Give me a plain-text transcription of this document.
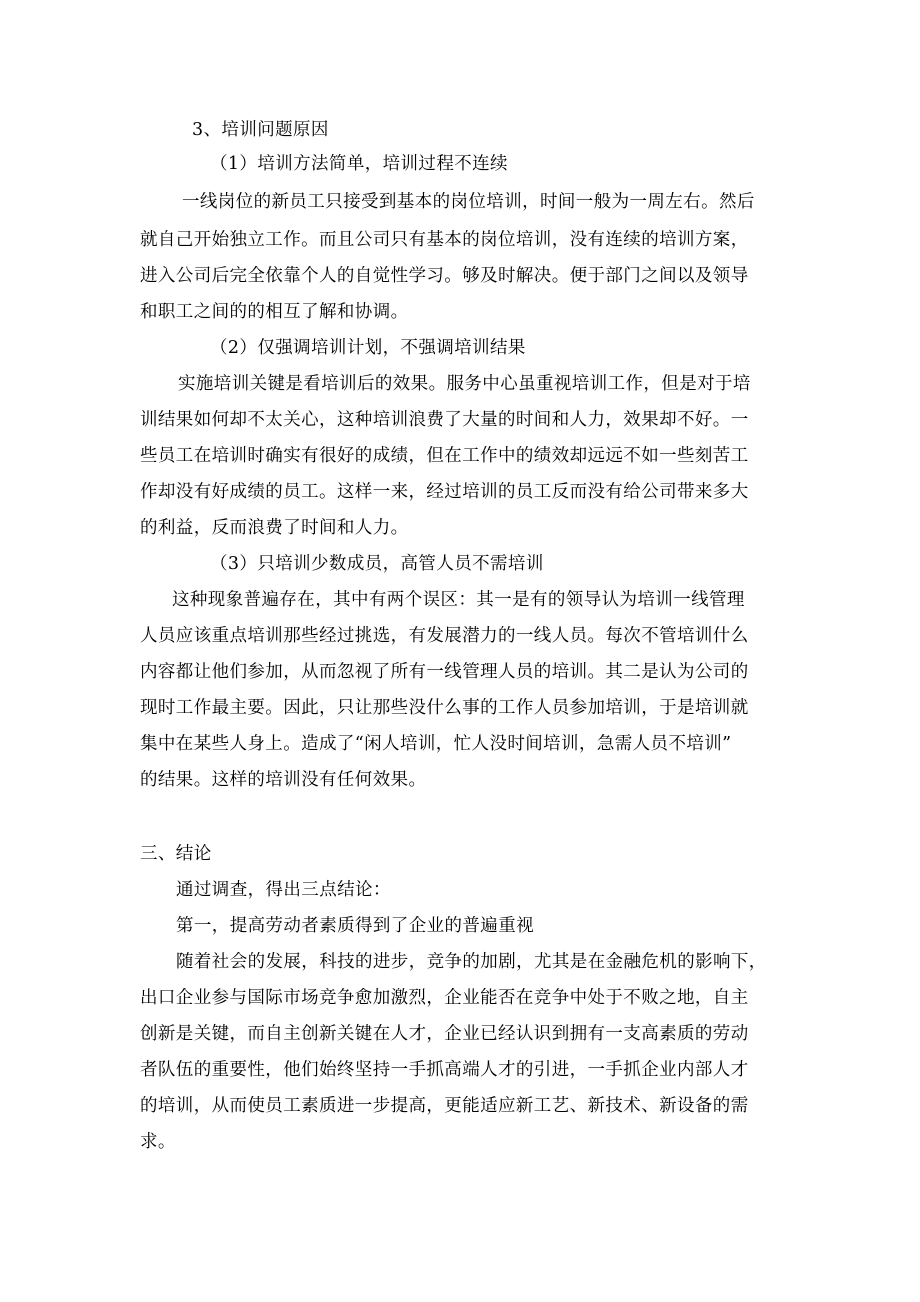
3、培训问题原因
（1）培训方法简单，培训过程不连续
一线岗位的新员工只接受到基本的岗位培训，时间一般为一周左右。然后
就自己开始独立工作。而且公司只有基本的岗位培训，没有连续的培训方案，
进入公司后完全依靠个人的自觉性学习。够及时解决。便于部门之间以及领导
和职工之间的的相互了解和协调。
（2）仅强调培训计划，不强调培训结果
实施培训关键是看培训后的效果。服务中心虽重视培训工作，但是对于培
训结果如何却不太关心，这种培训浪费了大量的时间和人力，效果却不好。一
些员工在培训时确实有很好的成绩，但在工作中的绩效却远远不如一些刻苦工
作却没有好成绩的员工。这样一来，经过培训的员工反而没有给公司带来多大
的利益，反而浪费了时间和人力。
（3）只培训少数成员，高管人员不需培训
这种现象普遍存在，其中有两个误区：其一是有的领导认为培训一线管理
人员应该重点培训那些经过挑选，有发展潜力的一线人员。每次不管培训什么
内容都让他们参加，从而忽视了所有一线管理人员的培训。其二是认为公司的
现时工作最主要。因此，只让那些没什么事的工作人员参加培训，于是培训就
集中在某些人身上。造成了“闲人培训，忙人没时间培训，急需人员不培训”
的结果。这样的培训没有任何效果。
三、结论
通过调查，得出三点结论：
第一，提高劳动者素质得到了企业的普遍重视
随着社会的发展，科技的进步，竞争的加剧，尤其是在金融危机的影响下，
出口企业参与国际市场竞争愈加激烈，企业能否在竞争中处于不败之地，自主
创新是关键，而自主创新关键在人才，企业已经认识到拥有一支高素质的劳动
者队伍的重要性，他们始终坚持一手抓高端人才的引进，一手抓企业内部人才
的培训，从而使员工素质进一步提高，更能适应新工艺、新技术、新设备的需
求。
